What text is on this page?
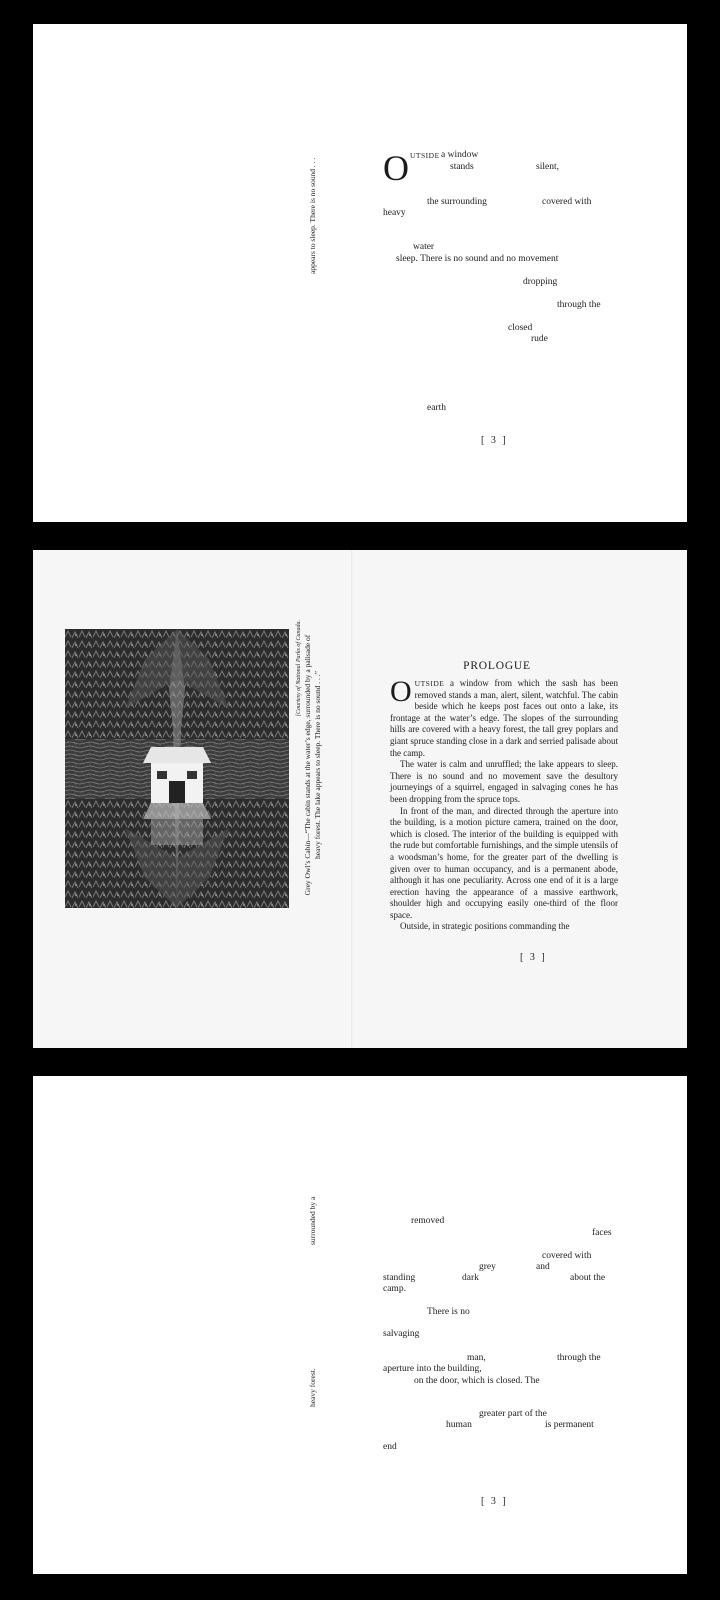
appears to sleep. There is no sound . . . O UTSIDE a window
stands	silent,
the surrounding	covered with
heavy
water
sleep. There is no sound and no movement
dropping
through the
closed
rude
earth
[ 3 ]
[Courtesy of National Parks of Canada. Grey Owl’s Cabin—“The cabin stands at the water’s edge, surrounded by a palisade of heavy forest. The lake appears to sleep. There is no sound . . .”
PROLOGUE

OUTSIDE a window from which the sash has been removed stands a man, alert, silent, watchful. The cabin beside which he keeps post faces out onto a lake, its frontage at the water’s edge. The slopes of the surrounding hills are covered with a heavy forest, the tall grey poplars and giant spruce standing close in a dark and serried palisade about the camp.

The water is calm and unruffled; the lake appears to sleep. There is no sound and no movement save the desultory journeyings of a squirrel, engaged in salvaging cones he has been dropping from the spruce tops.

In front of the man, and directed through the aperture into the building, is a motion picture camera, trained on the door, which is closed. The interior of the building is equipped with the rude but comfortable furnishings, and the simple utensils of a woodsman’s home, for the greater part of the dwelling is given over to human occupancy, and is a permanent abode, although it has one peculiarity. Across one end of it is a large erection having the appearance of a massive earthwork, shoulder high and occupying easily one-third of the floor space.

Outside, in strategic positions commanding the

[ 3 ]
surrounded by a
heavy forest.
removed
faces
covered with
grey	and
standing	dark	about the
camp.
There is no
salvaging
man,	through the
aperture into the building,
on the door, which is closed. The
greater part of the
human	is permanent
end
[ 3 ]
